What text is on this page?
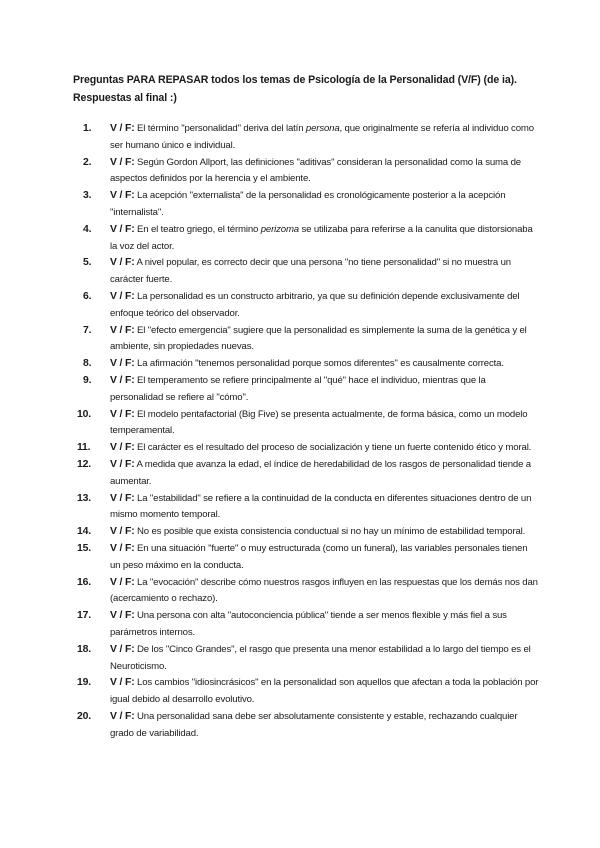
Preguntas PARA REPASAR todos los temas de Psicología de la Personalidad (V/F) (de ia). Respuestas al final :)
1.	V / F: El término "personalidad" deriva del latín persona, que originalmente se refería al individuo como ser humano único e individual.
2.	V / F: Según Gordon Allport, las definiciones "aditivas" consideran la personalidad como la suma de aspectos definidos por la herencia y el ambiente.
3.	V / F: La acepción "externalista" de la personalidad es cronológicamente posterior a la acepción "internalista".
4.	V / F: En el teatro griego, el término perizoma se utilizaba para referirse a la canulita que distorsionaba la voz del actor.
5.	V / F: A nivel popular, es correcto decir que una persona "no tiene personalidad" si no muestra un carácter fuerte.
6.	V / F: La personalidad es un constructo arbitrario, ya que su definición depende exclusivamente del enfoque teórico del observador.
7.	V / F: El "efecto emergencia" sugiere que la personalidad es simplemente la suma de la genética y el ambiente, sin propiedades nuevas.
8.	V / F: La afirmación "tenemos personalidad porque somos diferentes" es causalmente correcta.
9.	V / F: El temperamento se refiere principalmente al "qué" hace el individuo, mientras que la personalidad se refiere al "cómo".
10.	V / F: El modelo pentafactorial (Big Five) se presenta actualmente, de forma básica, como un modelo temperamental.
11.	V / F: El carácter es el resultado del proceso de socialización y tiene un fuerte contenido ético y moral.
12.	V / F: A medida que avanza la edad, el índice de heredabilidad de los rasgos de personalidad tiende a aumentar.
13.	V / F: La "estabilidad" se refiere a la continuidad de la conducta en diferentes situaciones dentro de un mismo momento temporal.
14.	V / F: No es posible que exista consistencia conductual si no hay un mínimo de estabilidad temporal.
15.	V / F: En una situación "fuerte" o muy estructurada (como un funeral), las variables personales tienen un peso máximo en la conducta.
16.	V / F: La "evocación" describe cómo nuestros rasgos influyen en las respuestas que los demás nos dan (acercamiento o rechazo).
17.	V / F: Una persona con alta "autoconciencia pública" tiende a ser menos flexible y más fiel a sus parámetros internos.
18.	V / F: De los "Cinco Grandes", el rasgo que presenta una menor estabilidad a lo largo del tiempo es el Neuroticismo.
19.	V / F: Los cambios "idiosincrásicos" en la personalidad son aquellos que afectan a toda la población por igual debido al desarrollo evolutivo.
20.	V / F: Una personalidad sana debe ser absolutamente consistente y estable, rechazando cualquier grado de variabilidad.
